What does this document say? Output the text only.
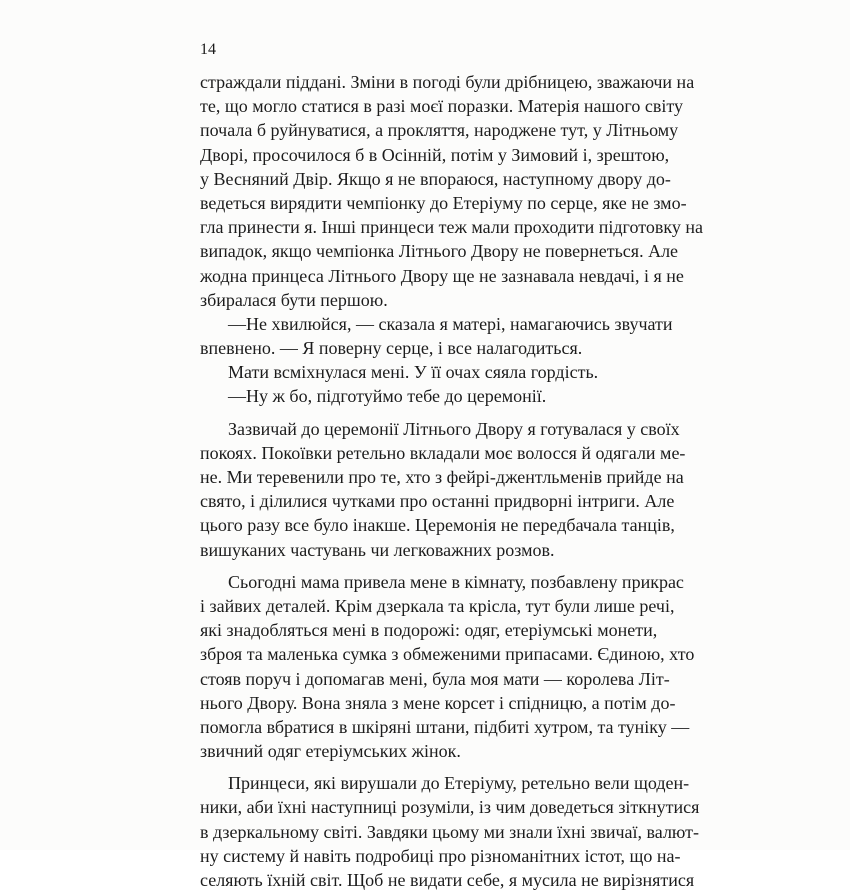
14
страждали піддані. Зміни в погоді були дрібницею, зважаючи на
те, що могло статися в разі моєї поразки. Матерія нашого світу
почала б руйнуватися, а прокляття, народжене тут, у Літньому
Дворі, просочилося б в Осінній, потім у Зимовий і, зрештою,
у Весняний Двір. Якщо я не впораюся, наступному двору до-
ведеться вирядити чемпіонку до Етеріуму по серце, яке не змо-
гла принести я. Інші принцеси теж мали проходити підготовку на
випадок, якщо чемпіонка Літнього Двору не повернеться. Але
жодна принцеса Літнього Двору ще не зазнавала невдачі, і я не
збиралася бути першою.
—Не хвилюйся, — сказала я матері, намагаючись звучати
впевнено. — Я поверну серце, і все налагодиться.
Мати всміхнулася мені. У її очах сяяла гордість.
—Ну ж бо, підготуймо тебе до церемонії.
Зазвичай до церемонії Літнього Двору я готувалася у своїх
покоях. Покоївки ретельно вкладали моє волосся й одягали ме-
не. Ми теревенили про те, хто з фейрі-джентльменів прийде на
свято, і ділилися чутками про останні придворні інтриги. Але
цього разу все було інакше. Церемонія не передбачала танців,
вишуканих частувань чи легковажних розмов.
Сьогодні мама привела мене в кімнату, позбавлену прикрас
і зайвих деталей. Крім дзеркала та крісла, тут були лише речі,
які знадобляться мені в подорожі: одяг, етеріумські монети,
зброя та маленька сумка з обмеженими припасами. Єдиною, хто
стояв поруч і допомагав мені, була моя мати — королева Літ-
нього Двору. Вона зняла з мене корсет і спідницю, а потім до-
помогла вбратися в шкіряні штани, підбиті хутром, та туніку —
звичний одяг етеріумських жінок.
Принцеси, які вирушали до Етеріуму, ретельно вели щоден-
ники, аби їхні наступниці розуміли, із чим доведеться зіткнутися
в дзеркальному світі. Завдяки цьому ми знали їхні звичаї, валют-
ну систему й навіть подробиці про різноманітних істот, що на-
селяють їхній світ. Щоб не видати себе, я мусила не вирізнятися
